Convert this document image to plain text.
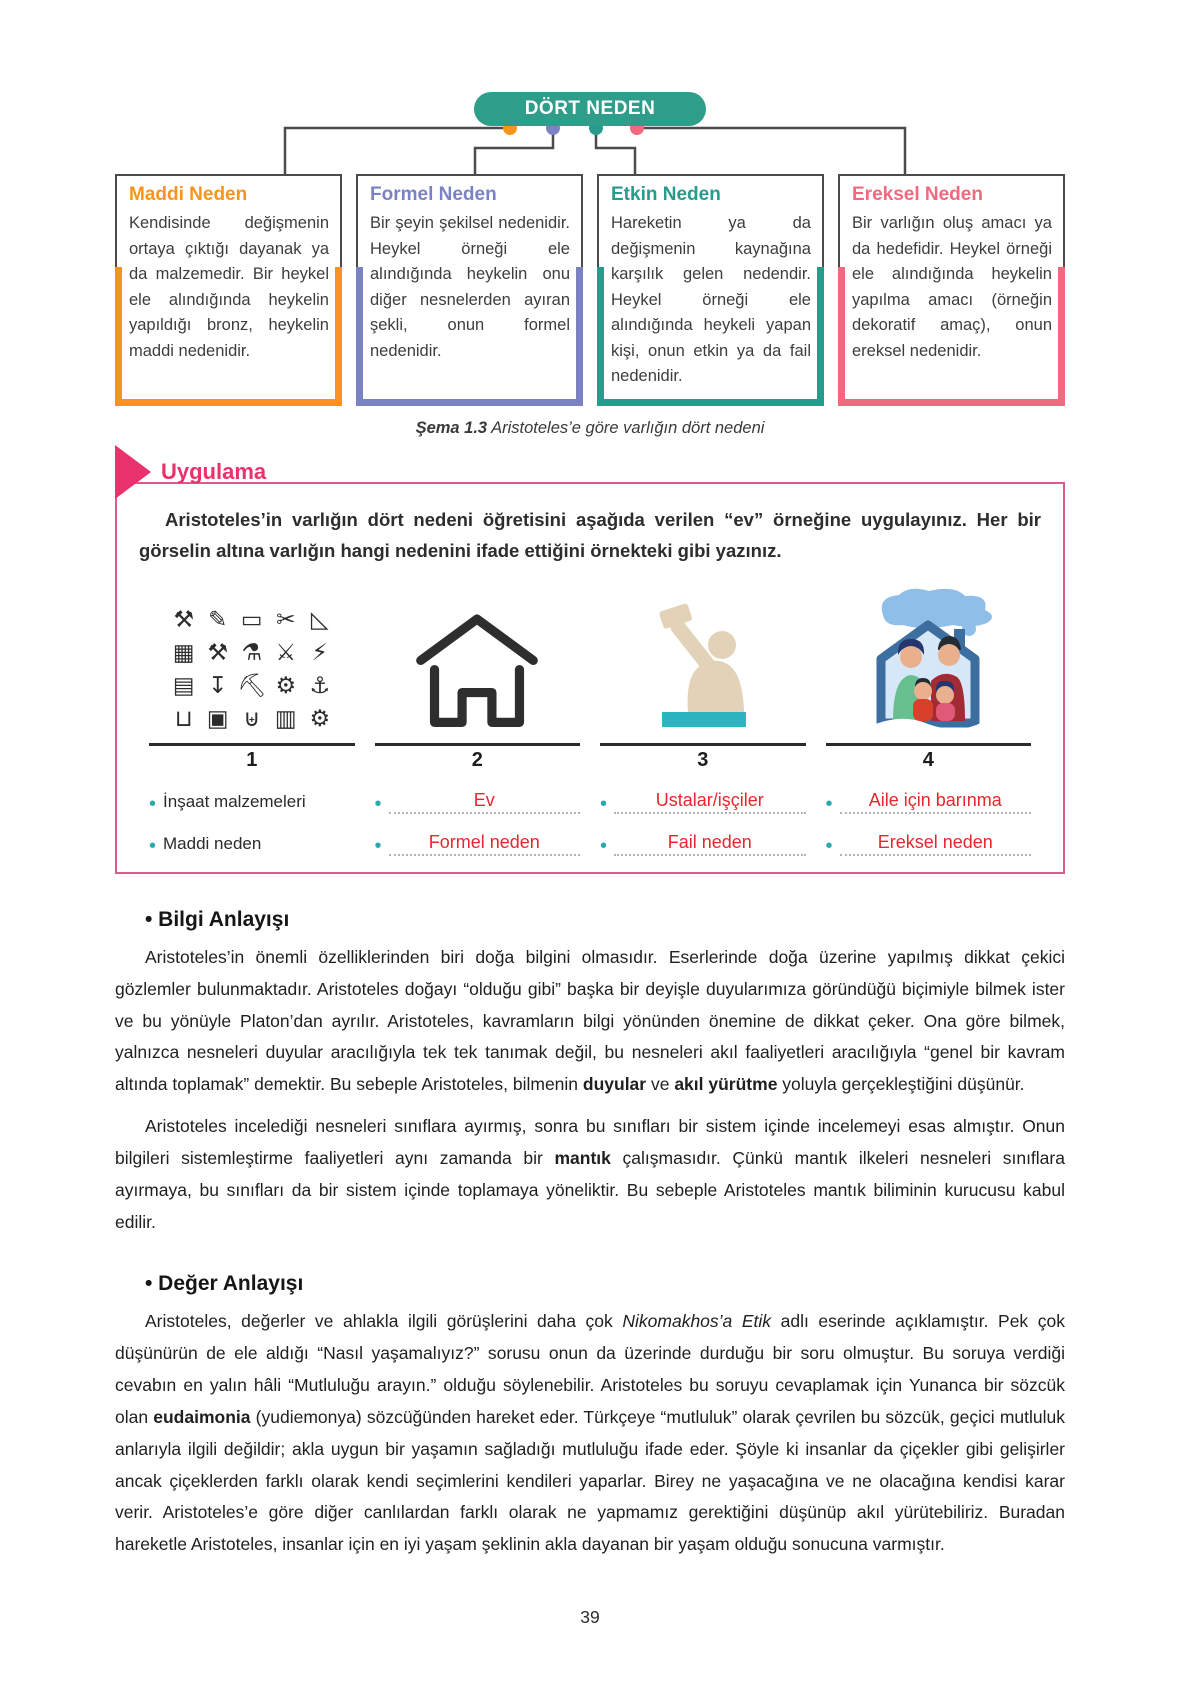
DÖRT NEDEN
Maddi Neden
Kendisinde değişmenin ortaya çıktığı dayanak ya da malzemedir. Bir heykel ele alındığında heykelin yapıldığı bronz, heykelin maddi nedenidir.
Formel Neden
Bir şeyin şekilsel nedenidir. Heykel örneği ele alındığında heykelin onu diğer nesnelerden ayıran şekli, onun formel nedenidir.
Etkin Neden
Hareketin ya da değişmenin kaynağına karşılık gelen nedendir. Heykel örneği ele alındığında heykeli yapan kişi, onun etkin ya da fail nedenidir.
Ereksel Neden
Bir varlığın oluş amacı ya da hedefidir. Heykel örneği ele alındığında heykelin yapılma amacı (örneğin dekoratif amaç), onun ereksel nedenidir.
Şema 1.3 Aristoteles’e göre varlığın dört nedeni
Uygulama

Aristoteles’in varlığın dört nedeni öğretisini aşağıda verilen “ev” örneğine uygulayınız. Her bir görselin altına varlığın hangi nedenini ifade ettiğini örnekteki gibi yazınız.

⚒ ✎ ▭ ✂ ◺
▦ ⚒ ⚗ ⚔ ⚡
▤ ↧ ⛏ ⚙ ⚓
⊔ ▣ ⊎ ▥ ⚙
1
• İnşaat malzemeleri
• Maddi neden
2
•	Ev
•	Formel neden
3
•	Ustalar/işçiler
•	Fail neden
4
•	Aile için barınma
•	Ereksel neden
• Bilgi Anlayışı

Aristoteles’in önemli özelliklerinden biri doğa bilgini olmasıdır. Eserlerinde doğa üzerine yapılmış dikkat çekici gözlemler bulunmaktadır. Aristoteles doğayı “olduğu gibi” başka bir deyişle duyularımıza göründüğü biçimiyle bilmek ister ve bu yönüyle Platon’dan ayrılır. Aristoteles, kavramların bilgi yönünden önemine de dikkat çeker. Ona göre bilmek, yalnızca nesneleri duyular aracılığıyla tek tek tanımak değil, bu nesneleri akıl faaliyetleri aracılığıyla “genel bir kavram altında toplamak” demektir. Bu sebeple Aristoteles, bilmenin duyular ve akıl yürütme yoluyla gerçekleştiğini düşünür.

Aristoteles incelediği nesneleri sınıflara ayırmış, sonra bu sınıfları bir sistem içinde incelemeyi esas almıştır. Onun bilgileri sistemleştirme faaliyetleri aynı zamanda bir mantık çalışmasıdır. Çünkü mantık ilkeleri nesneleri sınıflara ayırmaya, bu sınıfları da bir sistem içinde toplamaya yöneliktir. Bu sebeple Aristoteles mantık biliminin kurucusu kabul edilir.

• Değer Anlayışı

Aristoteles, değerler ve ahlakla ilgili görüşlerini daha çok Nikomakhos’a Etik adlı eserinde açıklamıştır. Pek çok düşünürün de ele aldığı “Nasıl yaşamalıyız?” sorusu onun da üzerinde durduğu bir soru olmuştur. Bu soruya verdiği cevabın en yalın hâli “Mutluluğu arayın.” olduğu söylenebilir. Aristoteles bu soruyu cevaplamak için Yunanca bir sözcük olan eudaimonia (yudiemonya) sözcüğünden hareket eder. Türkçeye “mutluluk” olarak çevrilen bu sözcük, geçici mutluluk anlarıyla ilgili değildir; akla uygun bir yaşamın sağladığı mutluluğu ifade eder. Şöyle ki insanlar da çiçekler gibi gelişirler ancak çiçeklerden farklı olarak kendi seçimlerini kendileri yaparlar. Birey ne yaşacağına ve ne olacağına kendisi karar verir. Aristoteles’e göre diğer canlılardan farklı olarak ne yapmamız gerektiğini düşünüp akıl yürütebiliriz. Buradan hareketle Aristoteles, insanlar için en iyi yaşam şeklinin akla dayanan bir yaşam olduğu sonucuna varmıştır.

39
